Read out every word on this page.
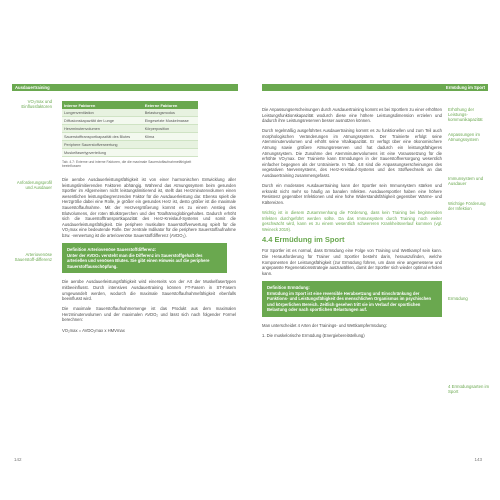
Ausdauertraining
VO₂max und Einflussfaktoren
Anforderungsprofil und Ausdauer
Arteriovenöse Sauerstoff-differenz
Interne Faktoren	Externe Faktoren
Lungenventilation	Belastungsmodus
Diffusionskapazität der Lunge	Eingesetzte Muskelmasse
Herzminutenvolumen	Körperposition
Sauerstofftransportkapazität des Blutes	Klima
Periphere Sauerstoffverwertung	
Muskelfasertypverteilung	
Tab. 4.7: Externe und interne Faktoren, die die maximale Sauerstoffaufnahmefähigkeit beeinflussen

Die aerobe Ausdauerleistungsfähigkeit ist von einer harmonischen Entwicklung aller leistungslimitierenden Faktoren abhängig. Während das Atmungssystem beim gesunden Sportler im Allgemeinen nicht leistungslimitierend ist, stellt das Herzminutenvolumen einen wesentlichen leistungsbegrenzenden Faktor für die Ausdauerleistung dar. Ebenso spielt die Herzgröße dabei eine Rolle, je größer ein gesundes Herz ist, desto größer ist die maximale Sauerstoffaufnahme. Mit der Herzvergrößerung kommt es zu einem Anstieg des Blutvolumens, der roten Blutkörperchen und des Totalhämoglobingehaltes. Dadurch erhöht sich die Sauerstofftransportkapazität des Herz-Kreislauf-Systems und somit die Ausdauerleistungsfähigkeit. Die periphere muskuläre Sauerstoffverwertung spielt für die VO₂max eine bedeutende Rolle. Der zentrale Indikator für die periphere Sauerstoffaufnahme bzw. -verwertung ist die arteriovenöse Sauerstoffdifferenz (AVDO₂).

Definition Arteriovenöse Sauerstoffdifferenz:
Unter der AVDO₂ versteht man die Differenz im Sauerstoffgehalt des arteriellen und venösen Blutes. Sie gibt einen Hinweis auf die periphere Sauerstoffausschöpfung.

Die aerobe Ausdauerleistungsfähigkeit wird einerseits von der Art der Muskelfasertypen mitbeeinflusst. Durch intensives Ausdauertraining können FT-Fasern in ST-Fasern umgewandelt werden, wodurch die maximale Sauerstoffaufnahmefähigkeit ebenfalls beeinflusst wird.

Die maximale Sauerstoffaufnahmemenge ist das Produkt aus dem maximalen Herzminutenvolumen und der maximalen AVDO₂ und lässt sich nach folgender Formel berechnen:

VO₂max = AVDO₂max x HMVmax

142
Ermüdung im Sport
Erhöhung der Leistungs-kommunikapazität
Anpassungen im Atmungssystem
Immunsystem und Ausdauer
Wichtige Förderung der Infektion
Ermüdung
4 Ermüdungsarten im Sport

Die Anpassungserscheinungen durch Ausdauertraining kommt es bei Sportlern zu einer erhöhten Leistungsfunktionskapazität wodurch diese eine höhere Leistungsdimension erzielen und dadurch ihre Leistungsreserven besser ausnützen können.

Durch regelmäßig ausgeführtes Ausdauertraining kommt es zu funktionellen und zum Teil auch morphologischen Veränderungen im Atmungssystem. Der Trainierte erfolgt seine Atemminutenvolumen und erhöht seine Vitalkapazität. Er verfügt über eine ökonomischere Atmung sowie größere Atmungsreserven und hat dadurch ein leistungsfähigeres Atmungssystem. Die Zunahme des Atemminutenvolumens ist eine Voraussetzung für die erhöhte VO₂max. Der Trainierte kann Ermüdungen in der Sauerstoffversorgung wesentlich einfacher begegnen als der Untrainierte. In Tab. 4.8 sind die Anpassungserscheinungen des vegetativen Nervensystems, des Herz-Kreislauf-Systems und des Stoffwechsels an das Ausdauertraining zusammengefasst.

Durch ein moderates Ausdauertraining kann der Sportler sein Immunsystem stärken und erkrankt nicht mehr so häufig an banalen Infekten. Ausdauersportler haben eine höhere Resistenz gegenüber Infektionen und eine hohe Widerstandsfähigkeit gegenüber Wärme- und Kältereizen.

Wichtig ist in diesem Zusammenhang die Förderung, dass kein Training bei beginnenden Infekten durchgeführt werden sollte. Da das Immunsystem durch Training noch weiter geschwächt wird, kann es zu einem wesentlich schwereren Krankheitsverlauf kommen (vgl. Weineck 2019).

4.4 Ermüdung im Sport

Für Sportler ist es normal, dass Ermüdung eine Folge von Training und Wettkampf sein kann. Die Herausforderung für Trainer und Sportler besteht darin, herauszufinden, welche Komponenten der Leistungsfähigkeit (zur Ermüdung führen, um dann eine angemessene und angepasste Regenerationsstrategie auszuwählen, damit der Sportler sich wieder optimal erholen kann.

Definition Ermüdung:
Ermüdung im Sport ist eine reversible Herabsetzung und Einschränkung der Funktions- und Leistungsfähigkeit des menschlichen Organismus im psychischen und körperlichen Bereich. Zeitlich gesehen tritt sie im Verlauf der sportlichen Belastung oder nach sportlichen Belastungen auf.

Man unterscheidet 4 Arten der Trainings- und Wettkampfermüdung:

1. Die muskelorische Ermüdung (Energiebereitstellung)

143
